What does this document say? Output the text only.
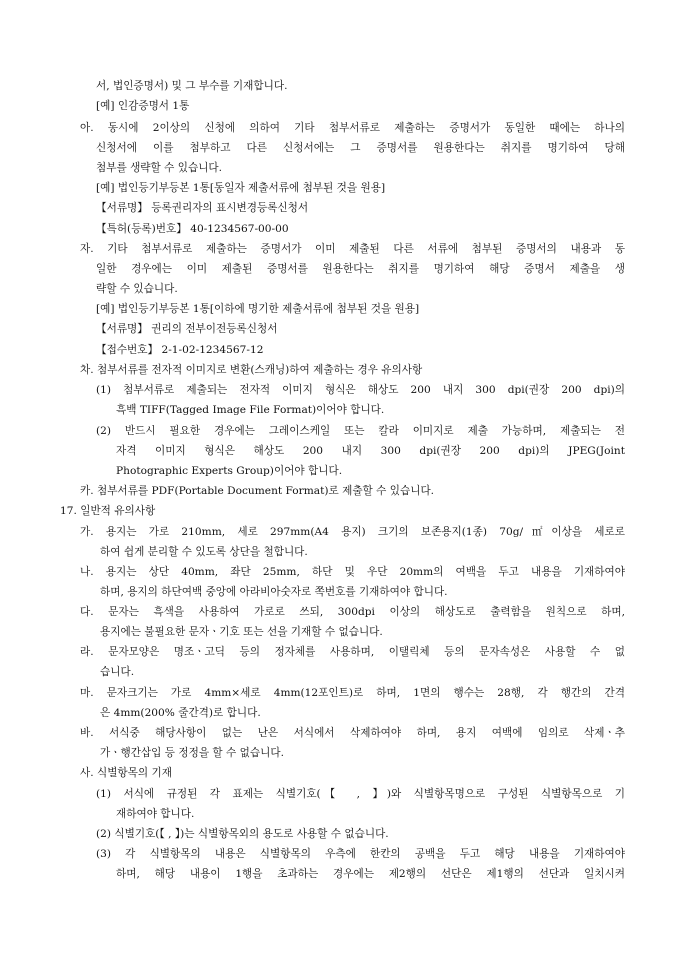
서, 법인증명서) 및 그 부수를 기재합니다.
[예] 인감증명서 1통
아. 동시에 2이상의 신청에 의하여 기타 첨부서류로 제출하는 증명서가 동일한 때에는 하나의
신청서에 이를 첨부하고 다른 신청서에는 그 증명서를 원용한다는 취지를 명기하여 당해
첨부를 생략할 수 있습니다.
[예] 법인등기부등본 1통[동일자 제출서류에 첨부된 것을 원용]
【서류명】 등록권리자의 표시변경등록신청서
【특허(등록)번호】 40-1234567-00-00
자. 기타 첨부서류로 제출하는 증명서가 이미 제출된 다른 서류에 첨부된 증명서의 내용과 동
일한 경우에는 이미 제출된 증명서를 원용한다는 취지를 명기하여 해당 증명서 제출을 생
략할 수 있습니다.
[예] 법인등기부등본 1통[이하에 명기한 제출서류에 첨부된 것을 원용]
【서류명】 권리의 전부이전등록신청서
【접수번호】 2-1-02-1234567-12
차. 첨부서류를 전자적 이미지로 변환(스캐닝)하여 제출하는 경우 유의사항
(1) 첨부서류로 제출되는 전자적 이미지 형식은 해상도 200 내지 300 dpi(권장 200 dpi)의
흑백 TIFF(Tagged Image File Format)이어야 합니다.
(2) 반드시 필요한 경우에는 그레이스케일 또는 칼라 이미지로 제출 가능하며, 제출되는 전
자격 이미지 형식은 해상도 200 내지 300 dpi(권장 200 dpi)의 JPEG(Joint
Photographic Experts Group)이어야 합니다.
카. 첨부서류를 PDF(Portable Document Format)로 제출할 수 있습니다.
17. 일반적 유의사항
가. 용지는 가로 210mm, 세로 297mm(A4 용지) 크기의 보존용지(1종) 70g/㎡이상을 세로로
하여 쉽게 분리할 수 있도록 상단을 철합니다.
나. 용지는 상단 40mm, 좌단 25mm, 하단 및 우단 20mm의 여백을 두고 내용을 기재하여야
하며, 용지의 하단여백 중앙에 아라비아숫자로 쪽번호를 기재하여야 합니다.
다. 문자는 흑색을 사용하여 가로로 쓰되, 300dpi 이상의 해상도로 출력함을 원칙으로 하며,
용지에는 불필요한 문자ㆍ기호 또는 선을 기재할 수 없습니다.
라. 문자모양은 명조ㆍ고딕 등의 정자체를 사용하며, 이탤릭체 등의 문자속성은 사용할 수 없
습니다.
마. 문자크기는 가로 4mm×세로 4mm(12포인트)로 하며, 1면의 행수는 28행, 각 행간의 간격
은 4mm(200% 줄간격)로 합니다.
바. 서식중 해당사항이 없는 난은 서식에서 삭제하여야 하며, 용지 여백에 임의로 삭제ㆍ추
가ㆍ행간삽입 등 정정을 할 수 없습니다.
사. 식별항목의 기재
(1) 서식에 규정된 각 표제는 식별기호(【 , 】)와 식별항목명으로 구성된 식별항목으로 기
재하여야 합니다.
(2) 식별기호(【 , 】)는 식별항목외의 용도로 사용할 수 없습니다.
(3) 각 식별항목의 내용은 식별항목의 우측에 한칸의 공백을 두고 해당 내용을 기재하여야
하며, 해당 내용이 1행을 초과하는 경우에는 제2행의 선단은 제1행의 선단과 일치시켜
